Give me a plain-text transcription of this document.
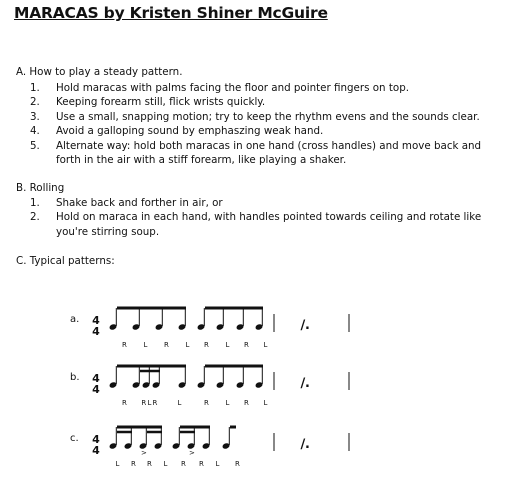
MARACAS by Kristen Shiner McGuire
A. How to play a steady pattern.
1. Hold maracas with palms facing the floor and pointer fingers on top.
2. Keeping forearm still, flick wrists quickly.
3. Use a small, snapping motion; try to keep the rhythm evens and the sounds clear.
4. Avoid a galloping sound by emphaszing weak hand.
5. Alternate way: hold both maracas in one hand (cross handles) and move back and forth in the air with a stiff forearm, like playing a shaker.
B. Rolling
1. Shake back and forther in air, or
2. Hold on maraca in each hand, with handles pointed towards ceiling and rotate like you're stirring soup.
C. Typical patterns:
a. 4
4	∕․
R L R L R L R L
b. 4
4	∕․
R RLR	L	R L R L
c. 4
4	>	>
∕․
L R R L R R L R
